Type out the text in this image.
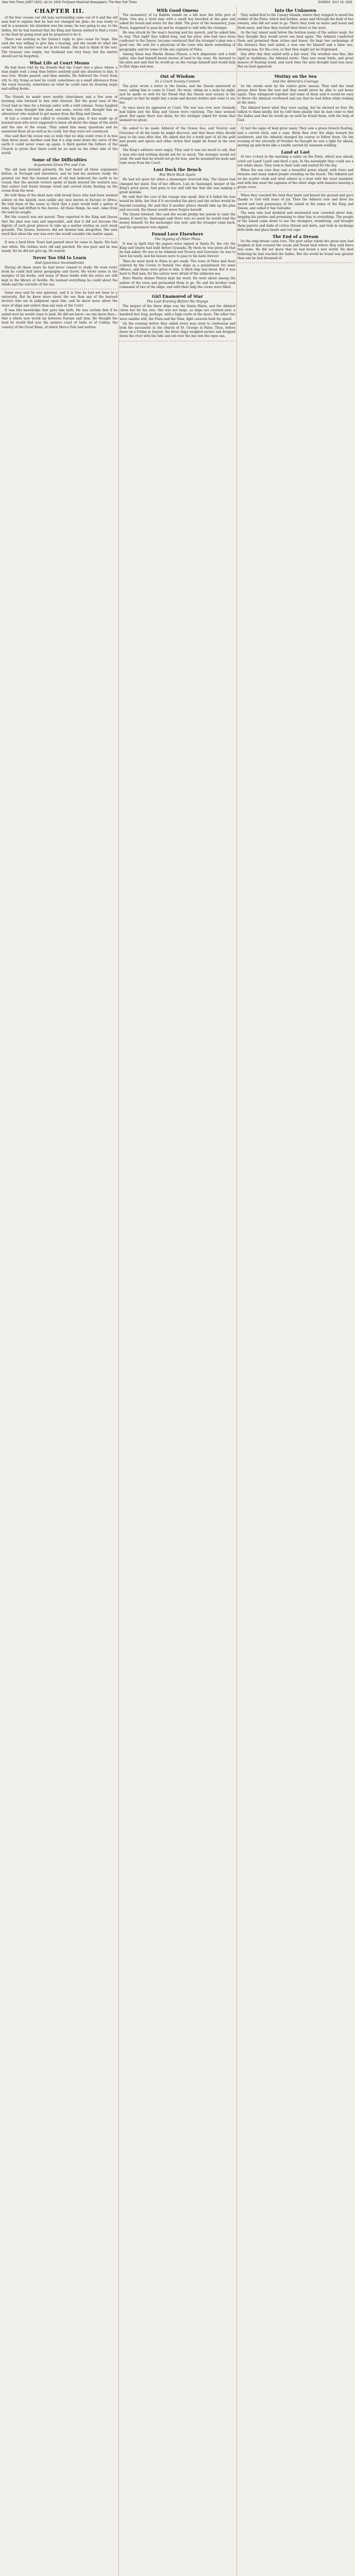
New York Times (1857-1922); Jul 14, 1918; ProQuest Historical Newspapers: The New York Times	SUNDAY. JULY 14, 1918.
CHAPTER III.
of the four oceans our old man surrounding came out of it and the old man had to explain that he had not changed his plan—he was ready to sail in a moment; his intention was the same; he was going to sea, to the Indies, for he had learned that the King and Queen wished to find a route to the East by going west and he proposed to do it.
There was nothing in the Queen's reply to give cause for hope. She said she was willing to give him a hearing, and she would do what she could but the matter was not in her hands. She had to think of the war. The treasury was empty; her husband was very busy; but the matter should not be forgotten.
What Life at Court Means
He had been told by his friends that the Court was a place where a man might wait a long time before anybody paid any attention to him. It was true. Weeks passed, and then months. He followed the Court from city to city, living as best he could, sometimes on a small allowance from the royal treasury, sometimes on what he could earn by drawing maps and selling books.
The friends he made were mostly churchmen and a few men of learning who listened to him with interest. But the great men of the Court had no time for a foreign sailor with a wild scheme. Some laughed at him; some thought him mad; and some, worse still, thought him an adventurer who wanted to get money from the King and Queen.
At last a council was called to consider his plan. It was made up of learned men who were supposed to know all about the shape of the earth and the size of the ocean. They asked him many questions and he answered them all as well as he could, but they were not convinced.
One said that the ocean was so wide that no ship could cross it in less than three years. Another said that if a ship went down the curve of the earth it could never come up again. A third quoted the fathers of the Church to prove that there could be no land on the other side of the world.
Some of the Difficulties
Arguments Given Pro and Con
The old man listened patiently. He had heard all these arguments before, in Portugal and elsewhere, and he had his answers ready. He pointed out that the learned men of old had believed the earth to be round; that the ancient writers spoke of lands beyond the western sea; that sailors had found strange wood and carved sticks floating on the ocean from the west.
He told them of the dead men with broad faces who had been washed ashore on the islands, men unlike any race known in Europe or Africa. He told them of the canes so thick that a joint would hold a gallon of wine, that had drifted to the Azores. All these things, he said, came from the land he sought.
But the council was not moved. They reported to the King and Queen that the plan was vain and impossible, and that it did not become the dignity of such great princes to take up a matter resting on such weak grounds. The Queen, however, did not dismiss him altogether. She sent word that when the war was over she would consider the matter again.
It was a hard blow. Years had passed since he came to Spain. His hair was white. His clothes were old and patched. He was poor and he was lonely. Yet he did not give up. He waited.
Never Too Old to Learn
And Ignorance Inconsiderate
During all these years he had never ceased to study. He read every book he could find about geography and travel. He wrote notes in the margins of his books, and many of these books with his notes are still kept in the library at Seville. He learned everything he could about the winds and the currents of the sea.
Some men said he was ignorant, and it is true he had not been to a university. But he knew more about the sea than any of the learned doctors who sat in judgment upon him, and he knew more about the ways of ships and sailors than any man at the Court.
It was this knowledge that gave him faith. He was certain that if he sailed west he would come to land. He did not know—no one knew then—that a whole new world lay between Europe and Asia. He thought the land he would find was the eastern coast of India or of Cathay, the country of the Great Khan, of which Marco Polo had written.
With Good Omens
The monastery of La Rabida stands on a hill near the little port of Palos. One day a tired man with a small boy knocked at the gate and asked for bread and water for the child. The prior of the monastery, Juan Perez, happened to pass by and he stopped to talk with the stranger.
He was struck by the man's bearing and his speech, and he asked him to stay. That night they talked long, and the prior, who had once been confessor to the Queen, became convinced that the stranger's plan was a good one. He sent for a physician of the town who knew something of geography, and for some of the sea captains of Palos.
Among these was Martin Alonso Pinzon, a rich shipowner and a bold sailor, who had himself heard stories of land to the west. He listened to the plan and said that he would go on the voyage himself and would help to find ships and men.
Out of Wisdom
In a Court Scanty Content
The prior wrote a letter to the Queen, and the Queen answered at once, asking him to come to Court. He went, riding on a mule by night, and he spoke so well for his friend that the Queen sent money to the stranger so that he might buy a mule and decent clothes and come to see her.
So once more he appeared at Court. The war was over now. Granada had fallen and the King and Queen were rejoicing. The time seemed good. But again there was delay, for the stranger asked for terms that seemed too great.
He asked to be made Admiral of the Ocean Sea, and Viceroy and Governor of all the lands he might discover, and that these titles should pass to his sons after him. He asked also for a tenth part of all the gold and pearls and spices and other riches that might be found in the new lands.
The King's advisers were angry. They said it was too much to ask, that a man who had nothing should ask for so much. The stranger would not yield. He said that he would not go for less, and he mounted his mule and rode away from the Court.
Lost Dock the Bench
But Went Back Again
He had not gone far when a messenger overtook him. The Queen had changed her mind. One of her officers, Luis de Santangel, keeper of the King's privy purse, had gone to her and told her that she was making a great mistake.
He said that the cost of the voyage was small, that if it failed the loss would be little, but that if it succeeded the glory and the riches would be beyond counting. He said that if another prince should take up the plan and succeed, the Queen would never forgive herself.
The Queen listened. She said she would pledge her jewels to raise the money if need be. Santangel said there was no need; he would lend the money himself. So the messenger was sent, and the stranger came back, and the agreement was signed.
Found Love Elsewhere
The Signing of Other Plans
It was in April that the papers were signed at Santa Fe, the city the King and Queen had built before Granada. By them he was given all that he had asked. He was to be Admiral and Viceroy and Governor; he was to have his tenth; and his honors were to pass to his heirs forever.
Then he went back to Palos to get ready. The town of Palos had been ordered by the Crown to furnish two ships as a punishment for some offence, and these were given to him. A third ship was hired. But it was hard to find men, for the sailors were afraid of the unknown sea.
Here Martin Alonso Pinzon kept his word. He went about among the sailors of the town and persuaded them to go. He and his brother took command of two of the ships, and with their help the crews were filled.
Girl Enamored of Star
The Last Evening Before the Voyage
The largest of the three ships was the Santa Maria, and the Admiral chose her for his own. She was not large, as ships are counted now; a hundred feet long, perhaps, with a high castle at the stern. The other two were smaller still, the Pinta and the Nina, light caravels built for speed.
On the evening before they sailed every man went to confession and took the sacrament in the church of St. George at Palos. Then, before dawn on a Friday in August, the three ships weighed anchor and dropped down the river with the tide and out over the bar into the open sea.
Into the Unknown
They sailed first to the Canary Islands, where they stopped to mend the rudder of the Pinta, which had broken, some said through the fault of her owners, who did not wish to go. There they took on water and wood and fresh meat, and then they turned their bows to the west.
As the last island sank below the horizon many of the sailors wept, for they thought they would never see land again. The Admiral comforted them and promised them riches and honor. He kept two reckonings of the distance they had sailed, a true one for himself and a false one, showing less, for the crew, so that they might not be frightened.
Day after day they sailed with a fair wind. The weather was fine, like April in Andalusia, the Admiral wrote. They saw many birds, and great masses of floating weed, and each time the men thought land was near. But no land appeared.
Mutiny on the Sea
And the Admiral's Courage
As the weeks went by the sailors grew uneasy. They said the wind always blew from the east and they would never be able to sail home again. They whispered together and some of them said it would be easy to throw the Admiral overboard and say that he had fallen while looking at the stars.
The Admiral knew what they were saying, but he showed no fear. He talked to them kindly, but he told them plainly that he had come to find the Indies and that he would go on until he found them, with the help of God.
At last the signs of land grew many. They saw a green branch floating, and a carved stick, and a cane. Birds flew over the ships toward the southwest, and the Admiral changed his course to follow them. On the evening of the eleventh of October he thought he saw a light far ahead, moving up and down like a candle carried by someone walking.
Land at Last
At two o'clock in the morning a sailor on the Pinta, which was ahead, cried out Land! Land! and fired a gun. In the moonlight they could see a low white shore. They took in their sails and waited for the day.
When the sun rose they saw a beautiful green island, with trees and streams and many naked people standing on the beach. The Admiral put on his scarlet cloak and went ashore in a boat with the royal standard, and with him went the captains of the other ships with banners bearing a green cross.
When they reached the land they knelt and kissed the ground and gave thanks to God with tears of joy. Then the Admiral rose and drew his sword and took possession of the island in the name of the King and Queen, and called it San Salvador.
The men who had doubted and murmured now crowded about him, begging his pardon and promising to obey him in everything. The people of the island came down to see the strangers, wondering, and brought them parrots and balls of cotton thread and darts, and took in exchange little bells and glass beads and red caps.
The End of a Dream
So the long dream came true. The poor sailor whom the great men had laughed at had crossed the ocean and found land where they said there was none. He did not know that he had found a new world. He died believing he had reached the Indies. But the world he found was greater than any he had dreamed of.
